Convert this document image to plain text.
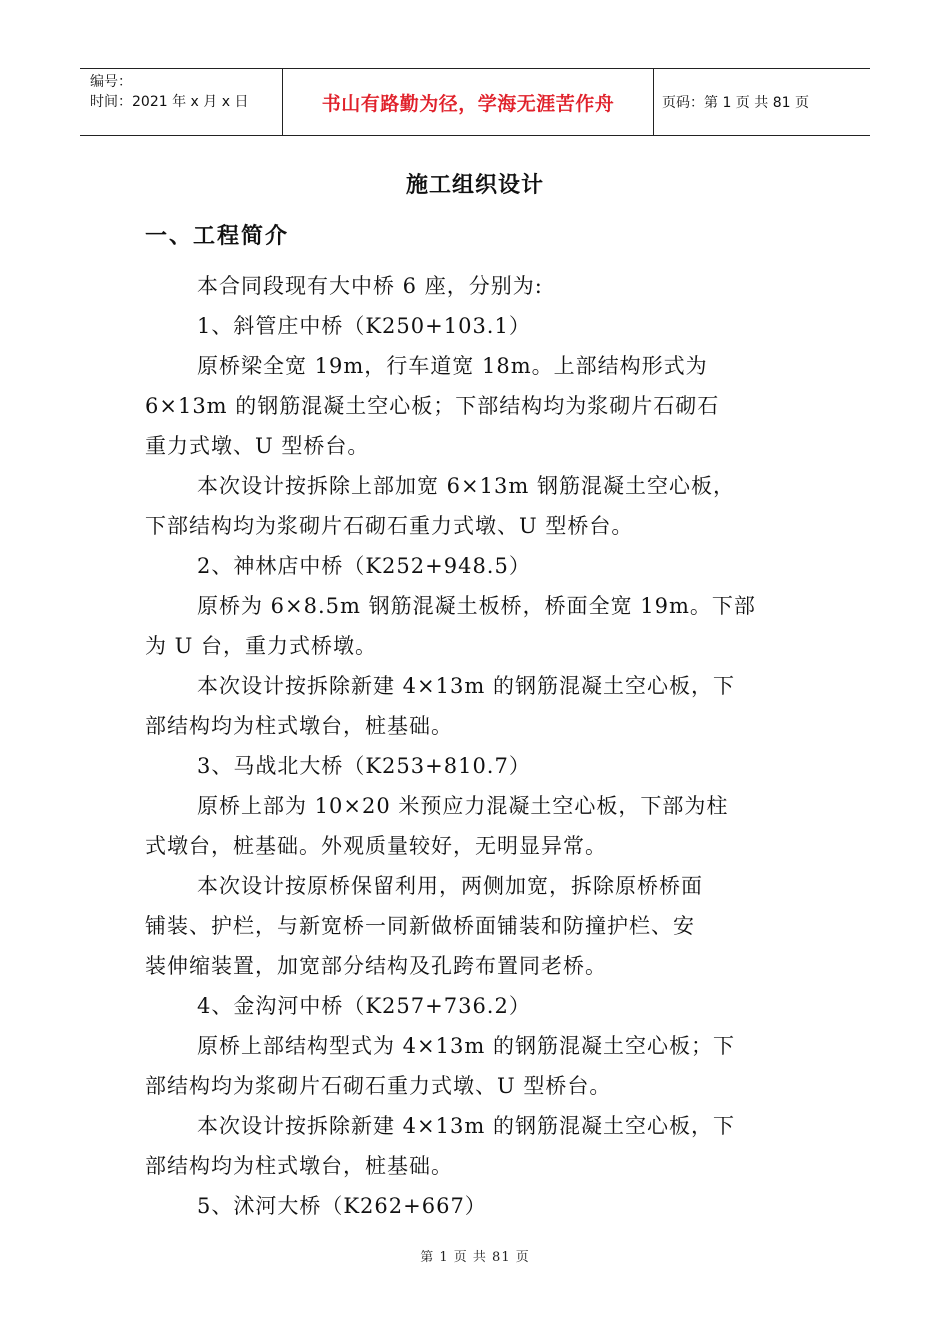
编号：
时间：2021 年 x 月 x 日	书山有路勤为径，学海无涯苦作舟	页码：第 1 页 共 81 页
施工组织设计
一、工程简介

本合同段现有大中桥 6 座，分别为:

1、斜管庄中桥（K250+103.1）

原桥梁全宽 19m，行车道宽 18m。上部结构形式为

6×13m 的钢筋混凝土空心板；下部结构均为浆砌片石砌石

重力式墩、U 型桥台。

本次设计按拆除上部加宽 6×13m 钢筋混凝土空心板，

下部结构均为浆砌片石砌石重力式墩、U 型桥台。

2、神林店中桥（K252+948.5）

原桥为 6×8.5m 钢筋混凝土板桥，桥面全宽 19m。下部

为 U 台，重力式桥墩。

本次设计按拆除新建 4×13m 的钢筋混凝土空心板，下

部结构均为柱式墩台，桩基础。

3、马战北大桥（K253+810.7）

原桥上部为 10×20 米预应力混凝土空心板，下部为柱

式墩台，桩基础。外观质量较好，无明显异常。

本次设计按原桥保留利用，两侧加宽，拆除原桥桥面

铺装、护栏，与新宽桥一同新做桥面铺装和防撞护栏、安

装伸缩装置，加宽部分结构及孔跨布置同老桥。

4、金沟河中桥（K257+736.2）

原桥上部结构型式为 4×13m 的钢筋混凝土空心板；下

部结构均为浆砌片石砌石重力式墩、U 型桥台。

本次设计按拆除新建 4×13m 的钢筋混凝土空心板，下

部结构均为柱式墩台，桩基础。

5、沭河大桥（K262+667）

第 1 页 共 81 页
